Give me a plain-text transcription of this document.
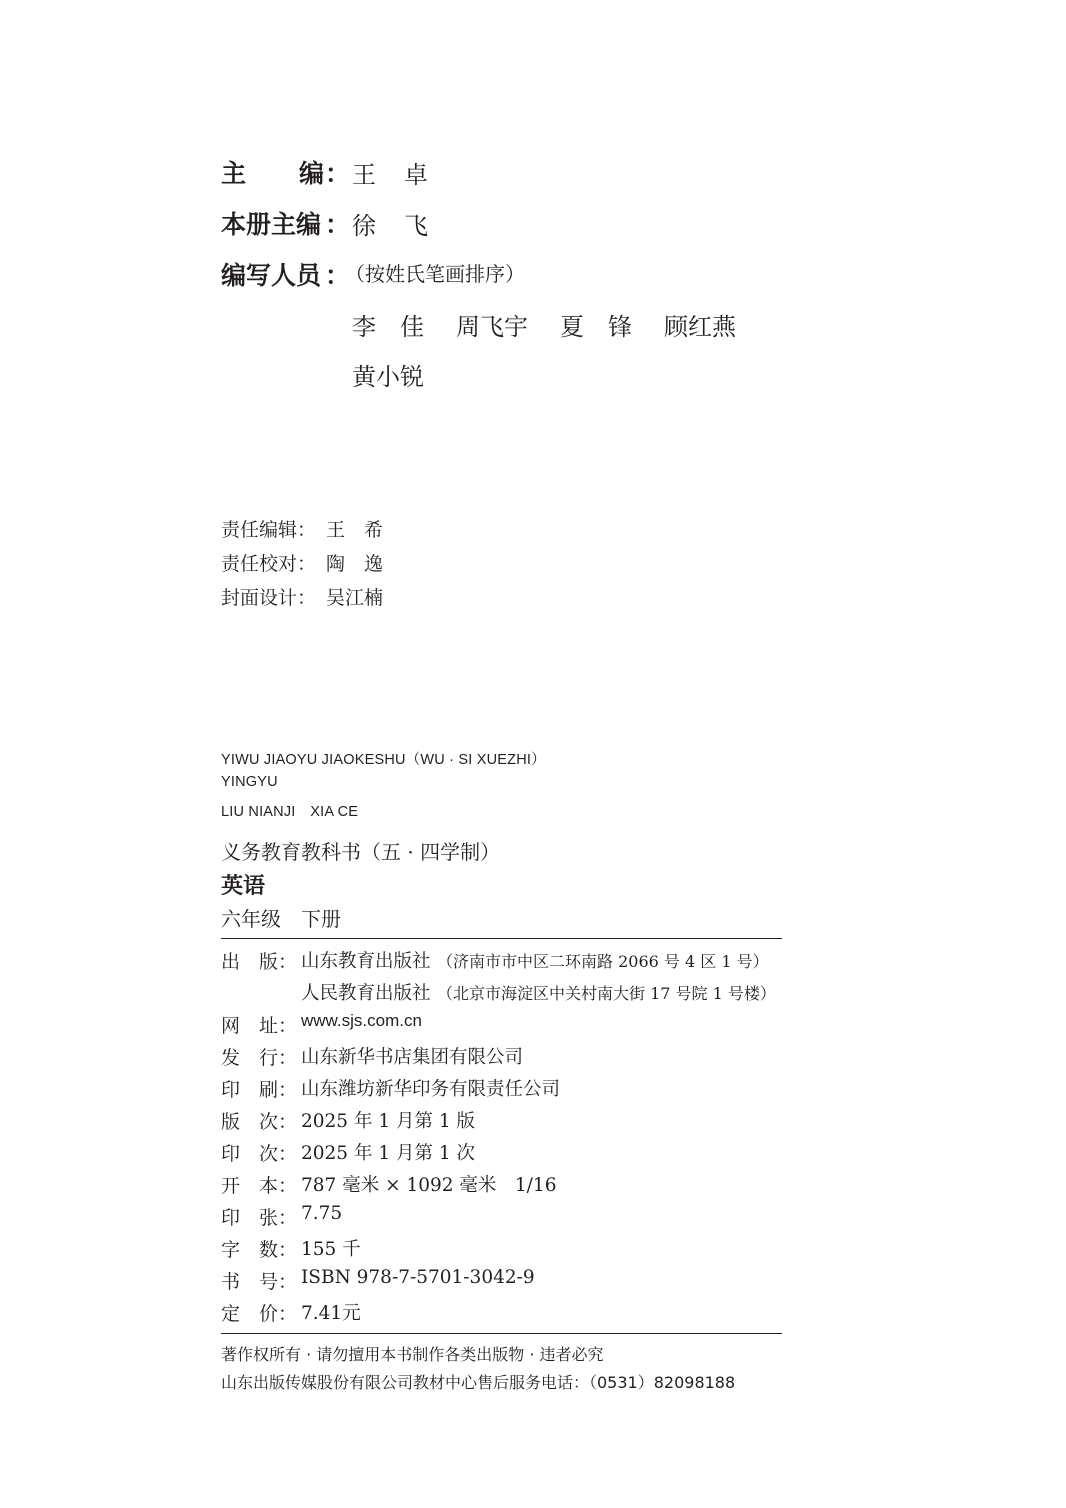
主 编 ： 王 卓
本册主编 ： 徐 飞
编写人员 ：
（按姓氏笔画排序）
李　佳 周飞宇 夏　锋 顾红燕
黄小锐
责任编辑： 王　希
责任校对： 陶　逸
封面设计： 吴江楠
YIWU JIAOYU JIAOKESHU（WU · SI XUEZHI）
YINGYU
LIU NIANJI　XIA CE
义务教育教科书（五 · 四学制）
英语
六年级　下册
出　版： 山东教育出版社 （济南市市中区二环南路 2066 号 4 区 1 号）
人民教育出版社 （北京市海淀区中关村南大街 17 号院 1 号楼）
网　址： www.sjs.com.cn
发　行： 山东新华书店集团有限公司
印　刷： 山东潍坊新华印务有限责任公司
版　次： 2025 年 1 月第 1 版
印　次： 2025 年 1 月第 1 次
开　本： 787 毫米 × 1092 毫米　1/16
印　张： 7.75
字　数： 155 千
书　号： ISBN 978-7-5701-3042-9
定　价： 7.41元
著作权所有 · 请勿擅用本书制作各类出版物 · 违者必究
山东出版传媒股份有限公司教材中心售后服务电话：（0531）82098188
